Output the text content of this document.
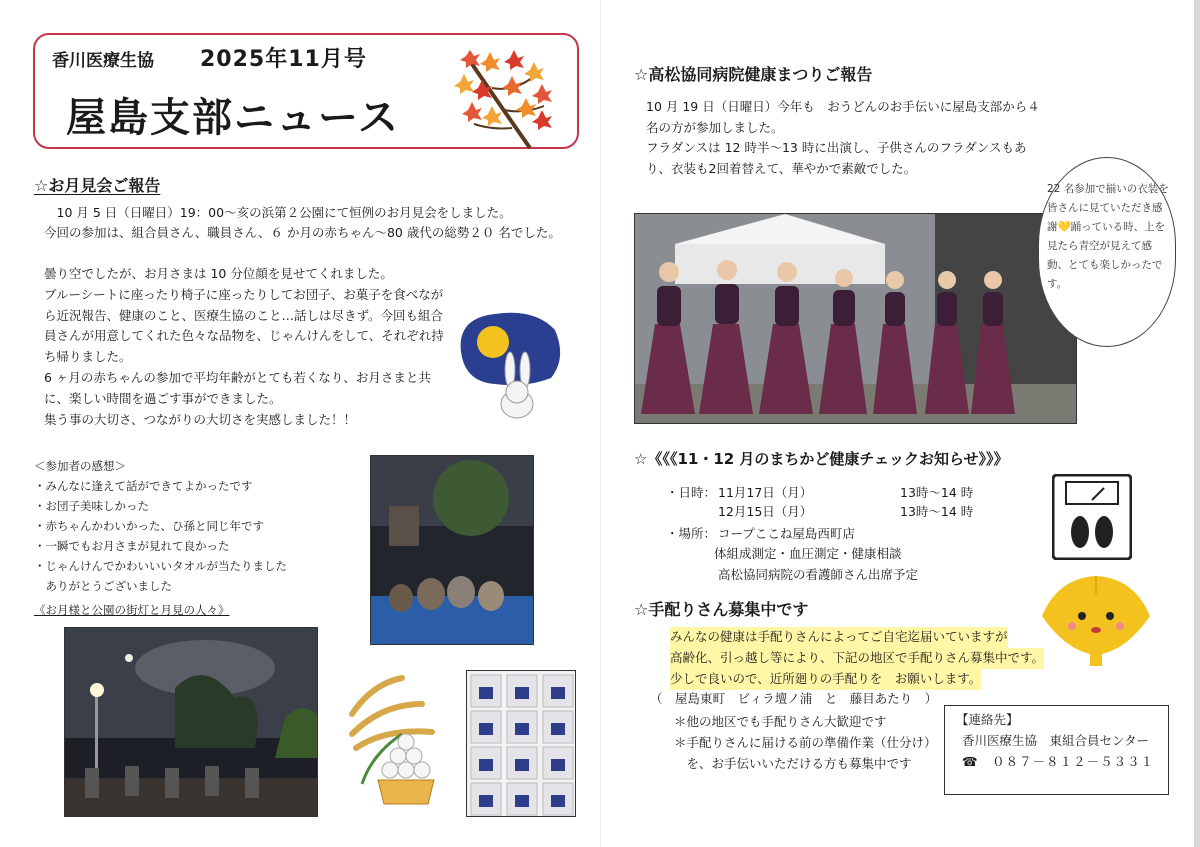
香川医療生協 2025年11月号
屋島支部ニュース
☆お月見会ご報告
　10 月 5 日（日曜日）19：00～亥の浜第２公園にて恒例のお月見会をしました。
今回の参加は、組合員さん、職員さん、６ か月の赤ちゃん～80 歳代の総勢２０ 名でした。
曇り空でしたが、お月さまは 10 分位顔を見せてくれました。
ブルーシートに座ったり椅子に座ったりしてお団子、お菓子を食べながら近況報告、健康のこと、医療生協のこと…話しは尽きず。今回も組合員さんが用意してくれた色々な品物を、じゃんけんをして、それぞれ持ち帰りました。
6 ヶ月の赤ちゃんの参加で平均年齢がとても若くなり、お月さまと共に、楽しい時間を過ごす事ができました。
集う事の大切さ、つながりの大切さを実感しました！！
＜参加者の感想＞
・みんなに逢えて話ができてよかったです
・お団子美味しかった
・赤ちゃんかわいかった、ひ孫と同じ年です
・一瞬でもお月さまが見れて良かった
・じゃんけんでかわいいいタオルが当たりました
　ありがとうございました
《お月様と公園の街灯と月見の人々》
☆高松協同病院健康まつりご報告
10 月 19 日（日曜日）今年も　おうどんのお手伝いに屋島支部から４名の方が参加しました。
フラダンスは 12 時半～13 時に出演し、子供さんのフラダンスもあり、衣装も2回着替えて、華やかで素敵でした。
22 名参加で揃いの衣装を皆さんに見ていただき感謝💛踊っている時、上を見たら青空が見えて感動、とても楽しかったです。
☆《《《11・12 月のまちかど健康チェックお知らせ》》》
・日時： 11月17日（月）	13時～14 時
12月15日（月）	13時～14 時
・場所： コープここね屋島西町店
体組成測定・血圧測定・健康相談
高松協同病院の看護師さん出席予定
☆手配りさん募集中です
みんなの健康は手配りさんによってご自宅迄届いていますが
高齢化、引っ越し等により、下記の地区で手配りさん募集中です。
少しで良いので、近所廻りの手配りを　お願いします。
（　屋島東町　ビィラ壇ノ浦　と　藤目あたり　）
＊他の地区でも手配りさん大歓迎です
＊手配りさんに届ける前の準備作業（仕分け）
　を、お手伝いいただける方も募集中です
【連絡先】
香川医療生協　東組合員センター
☎　０８７－８１２－５３３１
